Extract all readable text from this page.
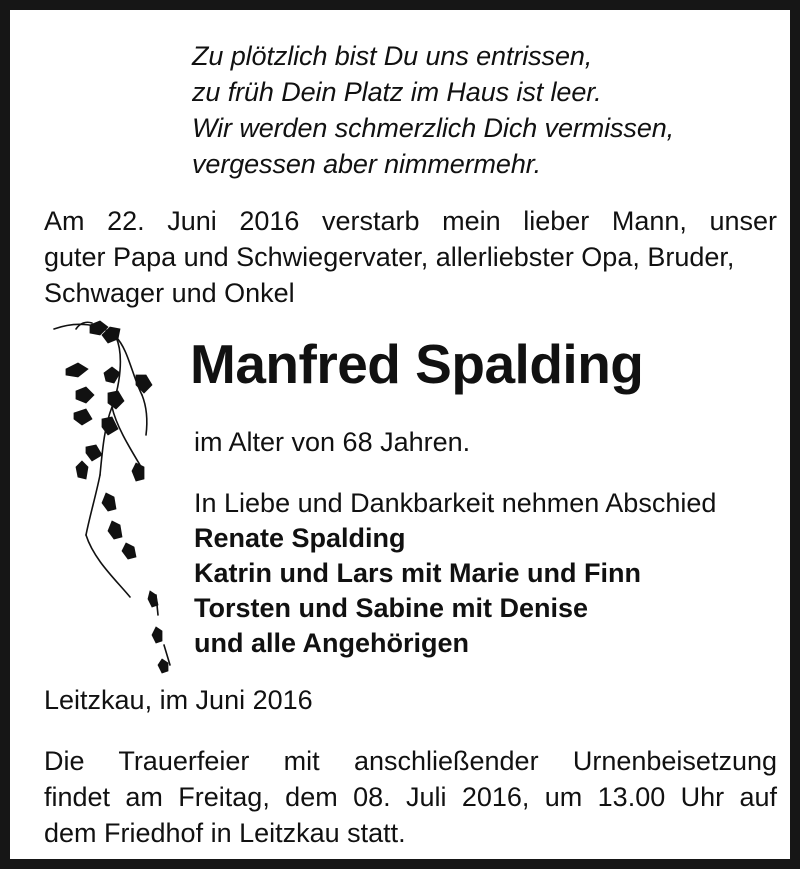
Zu plötzlich bist Du uns entrissen,
zu früh Dein Platz im Haus ist leer.
Wir werden schmerzlich Dich vermissen,
vergessen aber nimmermehr.
Am 22. Juni 2016 verstarb mein lieber Mann, unser
guter Papa und Schwiegervater, allerliebster Opa, Bruder,
Schwager und Onkel
Manfred Spalding
im Alter von 68 Jahren.
In Liebe und Dankbarkeit nehmen Abschied
Renate Spalding
Katrin und Lars mit Marie und Finn
Torsten und Sabine mit Denise
und alle Angehörigen
Leitzkau, im Juni 2016
Die Trauerfeier mit anschließender Urnenbeisetzung
findet am Freitag, dem 08. Juli 2016, um 13.00 Uhr auf
dem Friedhof in Leitzkau statt.
